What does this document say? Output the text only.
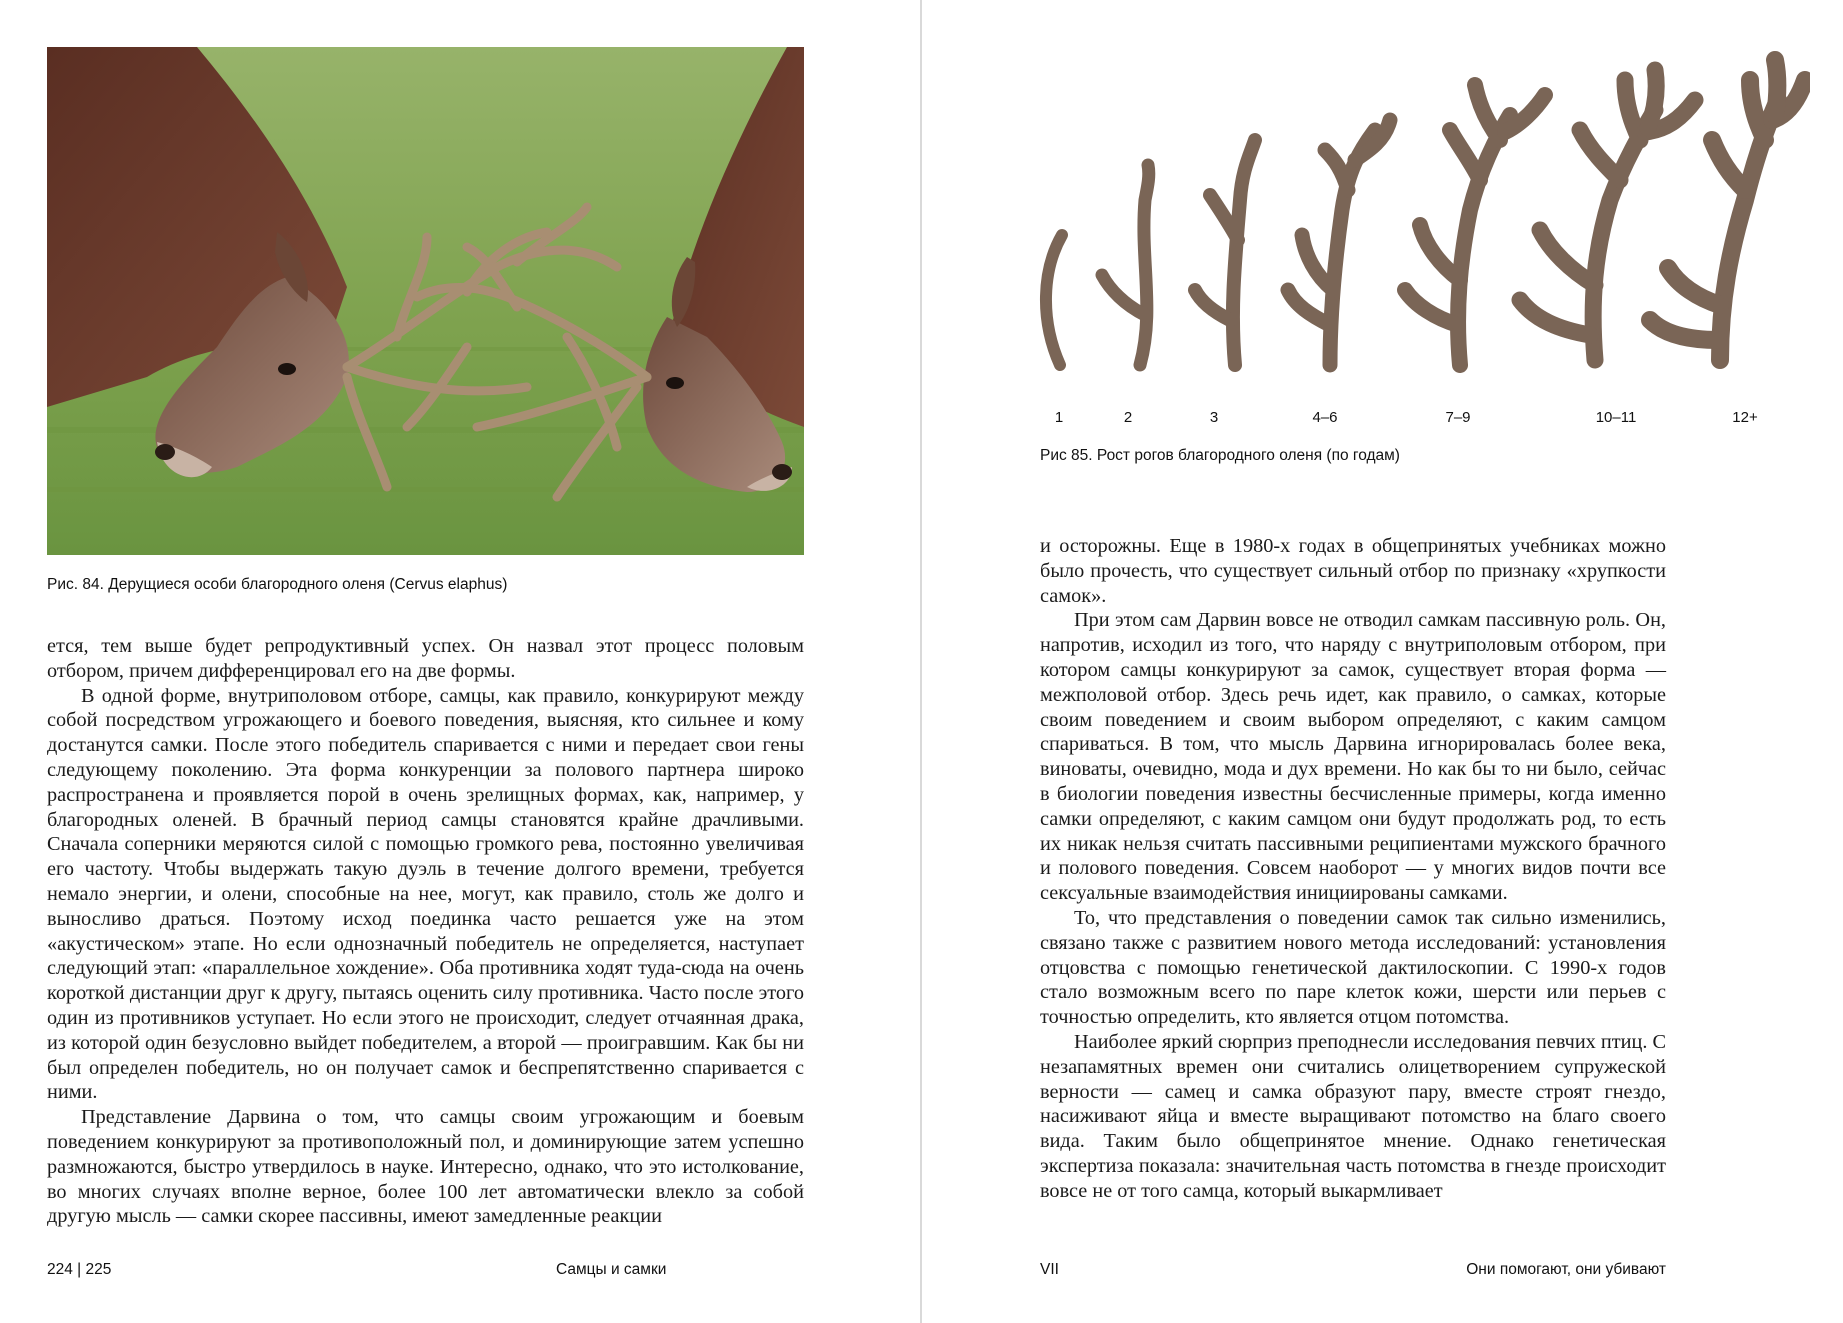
Рис. 84. Дерущиеся особи благородного оленя (Cervus elaphus)

ется, тем выше будет репродуктивный успех. Он назвал этот процесс половым отбором, причем дифференцировал его на две формы.

В одной форме, внутриполовом отборе, самцы, как правило, конкурируют между собой посредством угрожающего и боевого поведения, выясняя, кто сильнее и кому достанутся самки. После этого победитель спаривается с ними и передает свои гены следующему поколению. Эта форма конкуренции за полового партнера широко распространена и проявляется порой в очень зрелищных формах, как, например, у благородных оленей. В брачный период самцы становятся крайне драчливыми. Сначала соперники меряются силой с помощью громкого рева, постоянно увеличивая его частоту. Чтобы выдержать такую дуэль в течение долгого времени, требуется немало энергии, и олени, способные на нее, могут, как правило, столь же долго и выносливо драться. Поэтому исход поединка часто решается уже на этом «акустическом» этапе. Но если однозначный победитель не определяется, наступает следующий этап: «параллельное хождение». Оба противника ходят туда-сюда на очень короткой дистанции друг к другу, пытаясь оценить силу противника. Часто после этого один из противников уступает. Но если этого не происходит, следует отчаянная драка, из которой один безусловно выйдет победителем, а второй — проигравшим. Как бы ни был определен победитель, но он получает самок и беспрепятственно спаривается с ними.

Представление Дарвина о том, что самцы своим угрожающим и боевым поведением конкурируют за противоположный пол, и доминирующие затем успешно размножаются, быстро утвердилось в науке. Интересно, однако, что это истолкование, во многих случаях вполне верное, более 100 лет автоматически влекло за собой другую мысль — самки скорее пассивны, имеют замедленные реакции

224 | 225	Самцы и самки
1	2	3	4–6	7–9	10–11	12+
Рис 85. Рост рогов благородного оленя (по годам)

и осторожны. Еще в 1980-х годах в общепринятых учебниках можно было прочесть, что существует сильный отбор по признаку «хрупкости самок».

При этом сам Дарвин вовсе не отводил самкам пассивную роль. Он, напротив, исходил из того, что наряду с внутриполовым отбором, при котором самцы конкурируют за самок, существует вторая форма — межполовой отбор. Здесь речь идет, как правило, о самках, которые своим поведением и своим выбором определяют, с каким самцом спариваться. В том, что мысль Дарвина игнорировалась более века, виноваты, очевидно, мода и дух времени. Но как бы то ни было, сейчас в биологии поведения известны бесчисленные примеры, когда именно самки определяют, с каким самцом они будут продолжать род, то есть их никак нельзя считать пассивными реципиентами мужского брачного и полового поведения. Совсем наоборот — у многих видов почти все сексуальные взаимодействия инициированы самками.

То, что представления о поведении самок так сильно изменились, связано также с развитием нового метода исследований: установления отцовства с помощью генетической дактилоскопии. С 1990-х годов стало возможным всего по паре клеток кожи, шерсти или перьев с точностью определить, кто является отцом потомства.

Наиболее яркий сюрприз преподнесли исследования певчих птиц. С незапамятных времен они считались олицетворением супружеской верности — самец и самка образуют пару, вместе строят гнездо, насиживают яйца и вместе выращивают потомство на благо своего вида. Таким было общепринятое мнение. Однако генетическая экспертиза показала: значительная часть потомства в гнезде происходит вовсе не от того самца, который выкармливает

VII	Они помогают, они убивают
